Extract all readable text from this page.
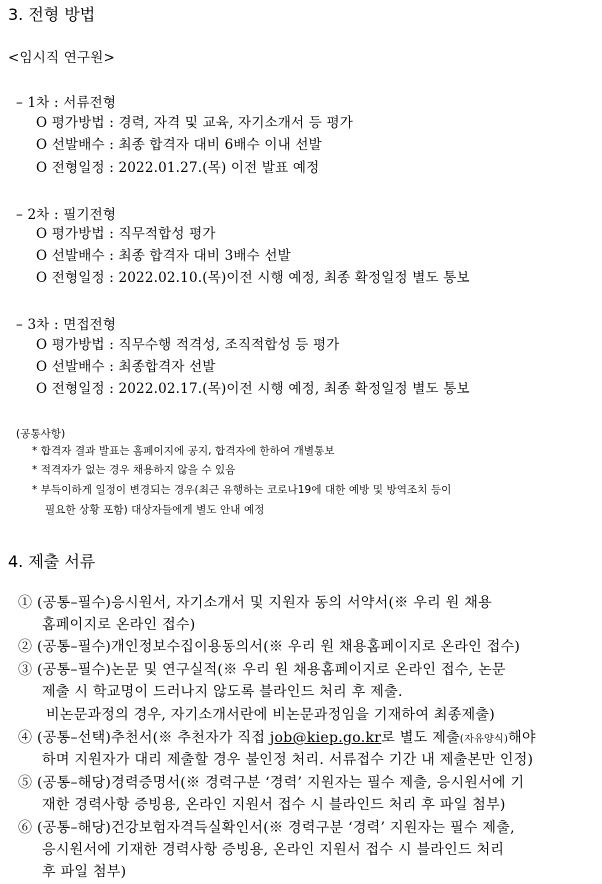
3. 전형 방법
<임시직 연구원>
– 1차 : 서류전형
O 평가방법 : 경력, 자격 및 교육, 자기소개서 등 평가
O 선발배수 : 최종 합격자 대비 6배수 이내 선발
O 전형일정 : 2022.01.27.(목) 이전 발표 예정
– 2차 : 필기전형
O 평가방법 : 직무적합성 평가
O 선발배수 : 최종 합격자 대비 3배수 선발
O 전형일정 : 2022.02.10.(목)이전 시행 예정, 최종 확정일정 별도 통보
– 3차 : 면접전형
O 평가방법 : 직무수행 적격성, 조직적합성 등 평가
O 선발배수 : 최종합격자 선발
O 전형일정 : 2022.02.17.(목)이전 시행 예정, 최종 확정일정 별도 통보
(공통사항)
* 합격자 결과 발표는 홈페이지에 공지, 합격자에 한하여 개별통보
* 적격자가 없는 경우 채용하지 않을 수 있음
* 부득이하게 일정이 변경되는 경우(최근 유행하는 코로나19에 대한 예방 및 방역조치 등이
필요한 상황 포함) 대상자들에게 별도 안내 예정
4. 제출 서류
① (공통–필수)응시원서, 자기소개서 및 지원자 동의 서약서(※ 우리 원 채용
홈페이지로 온라인 접수)
② (공통–필수)개인정보수집이용동의서(※ 우리 원 채용홈페이지로 온라인 접수)
③ (공통–필수)논문 및 연구실적(※ 우리 원 채용홈페이지로 온라인 접수, 논문
제출 시 학교명이 드러나지 않도록 블라인드 처리 후 제출.
비논문과정의 경우, 자기소개서란에 비논문과정임을 기재하여 최종제출)
④ (공통–선택)추천서(※ 추천자가 직접 job@kiep.go.kr로 별도 제출(자유양식)해야
하며 지원자가 대리 제출할 경우 불인정 처리. 서류접수 기간 내 제출본만 인정)
⑤ (공통–해당)경력증명서(※ 경력구분 ‘경력’ 지원자는 필수 제출, 응시원서에 기
재한 경력사항 증빙용, 온라인 지원서 접수 시 블라인드 처리 후 파일 첨부)
⑥ (공통–해당)건강보험자격득실확인서(※ 경력구분 ‘경력’ 지원자는 필수 제출,
응시원서에 기재한 경력사항 증빙용, 온라인 지원서 접수 시 블라인드 처리
후 파일 첨부)
